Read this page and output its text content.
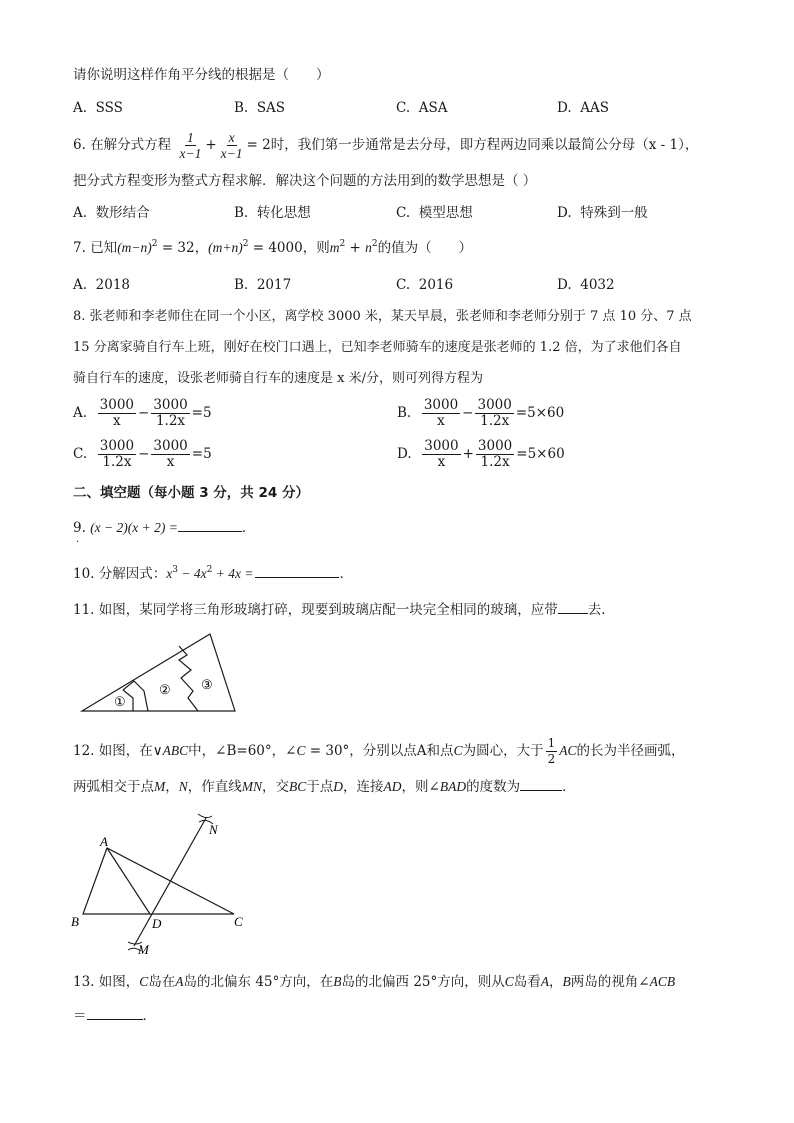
请你说明这样作角平分线的根据是（　　）
A. SSS	B. SAS	C. ASA	D. AAS
6. 在解分式方程 $\frac{1}{x-1} + \frac{x}{x-1} = 2$时，我们第一步通常是去分母，即方程两边同乘以最简公分母（x - 1），
把分式方程变形为整式方程求解．解决这个问题的方法用到的数学思想是（ ）
A. 数形结合	B. 转化思想	C. 模型思想	D. 特殊到一般
7. 已知$(m-n)^2 = 32$，$(m+n)^2 = 4000$，则$m^2 + n^2$的值为（　　）
A. 2018	B. 2017	C. 2016	D. 4032
8. 张老师和李老师住在同一个小区，离学校 3000 米，某天早晨，张老师和李老师分别于 7 点 10 分、7 点
15 分离家骑自行车上班，刚好在校门口遇上，已知李老师骑车的速度是张老师的 1.2 倍，为了求他们各自
骑自行车的速度，设张老师骑自行车的速度是 x 米/分，则可列得方程为
A. $\frac{3000}{x} - \frac{3000}{1.2x} =5$	B. $\frac{3000}{x} - \frac{3000}{1.2x} =5\times 60$
C. $\frac{3000}{1.2x} - \frac{3000}{x} =5$	D. $\frac{3000}{x} + \frac{3000}{1.2x} =5\times 60$
二、填空题（每小题 3 分，共 24 分）
9. (x − 2)(x + 2) =	．
.
10. 分解因式：$x^3 - 4x^2 + 4x$ =	．
11. 如图，某同学将三角形玻璃打碎，现要到玻璃店配一块完全相同的玻璃，应带 去．
①
② ③
12. 如图，在∨ABC中，∠B=60°，∠C = 30°，分别以点A和点C为圆心，大于 $\frac{1}{2}$ AC的长为半径画弧，
两弧相交于点M，N，作直线MN，交BC于点D，连接AD，则∠BAD的度数为	．
A
B	C
D
M
N
13. 如图，C岛在A岛的北偏东 45°方向，在B岛的北偏西 25°方向，则从C岛看A，B两岛的视角∠ACB
＝	．
